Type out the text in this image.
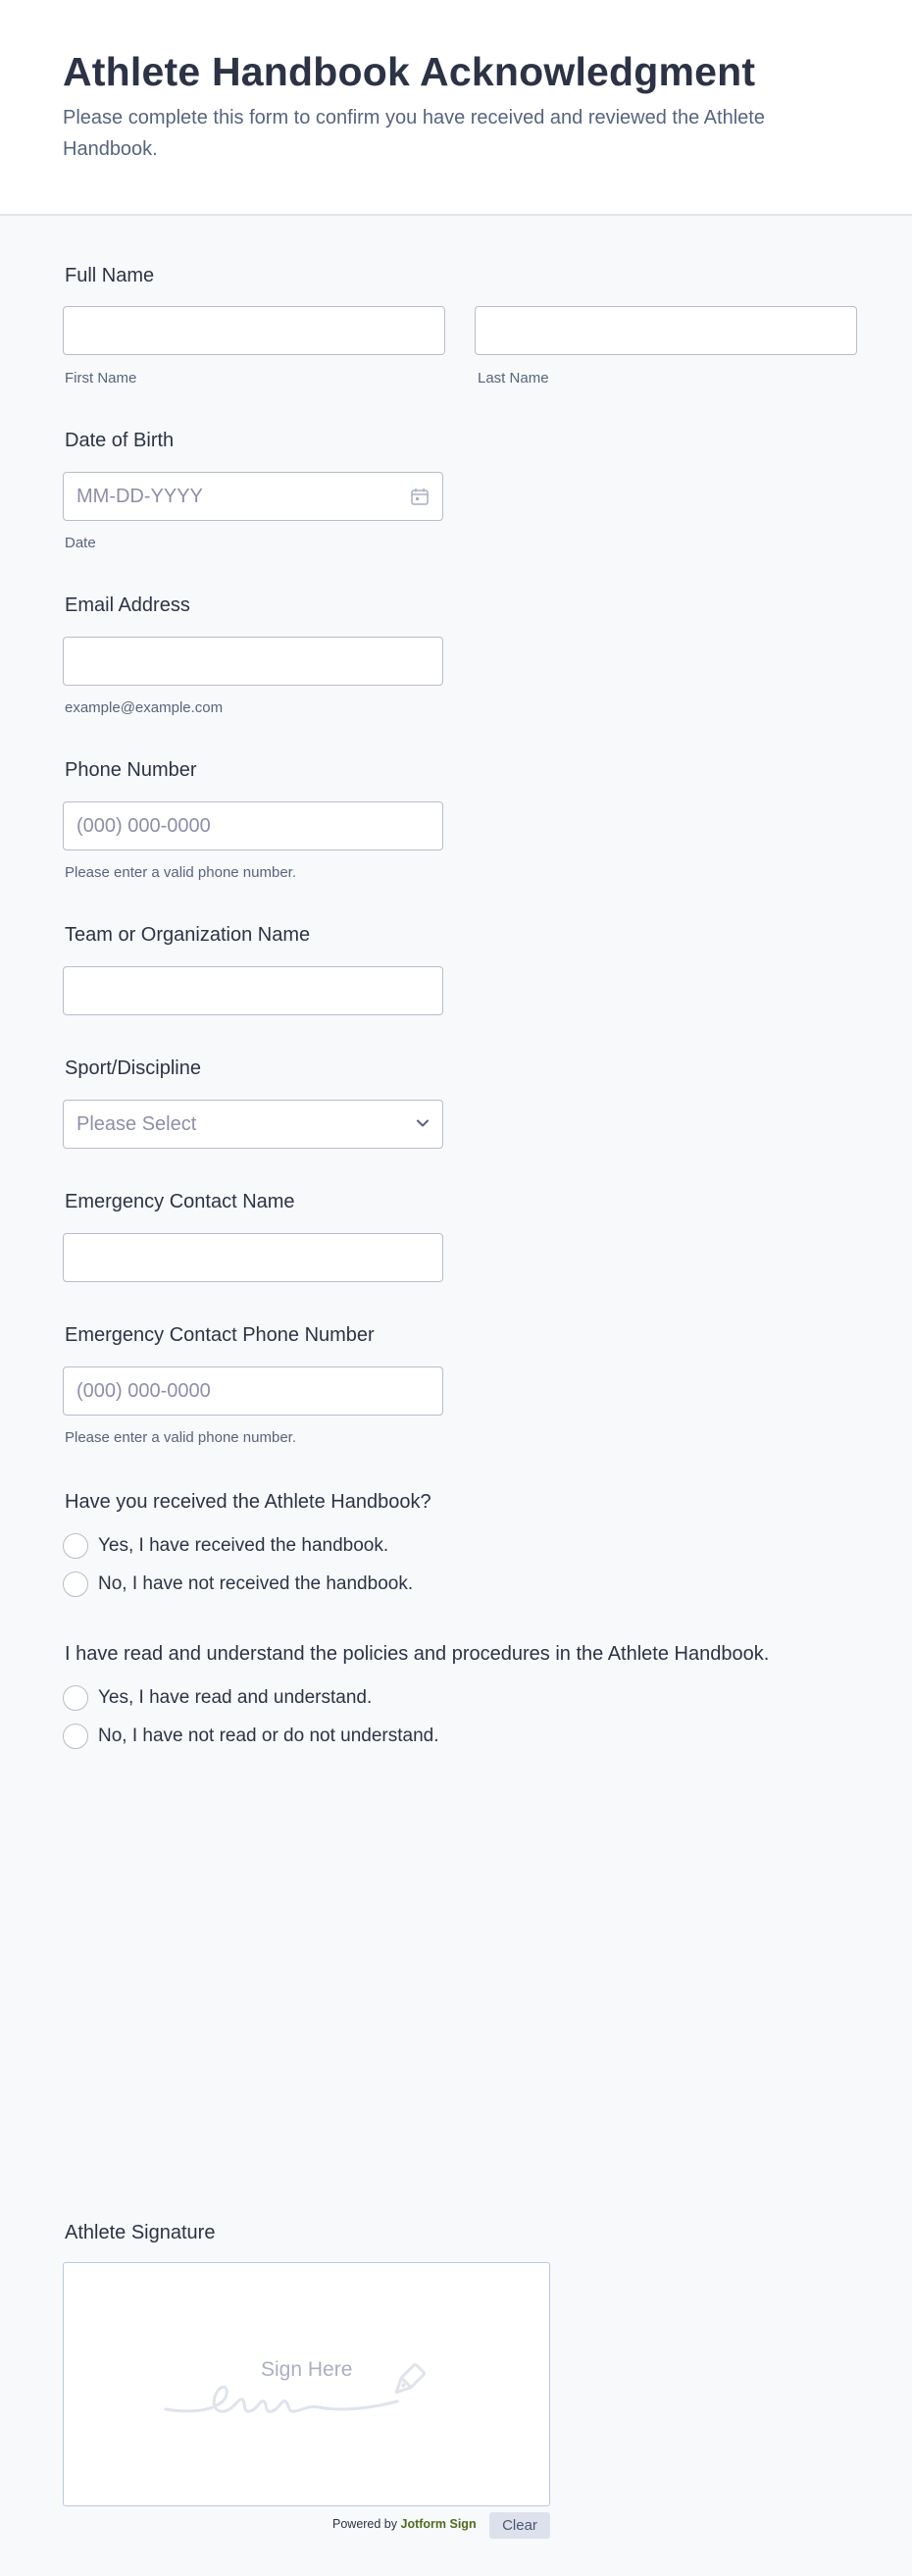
Athlete Handbook Acknowledgment

Please complete this form to confirm you have received and reviewed the Athlete Handbook.

Full Name
First Name	Last Name
Date of Birth
MM-DD-YYYY
Date
Email Address
example@example.com
Phone Number
(000) 000-0000
Please enter a valid phone number.
Team or Organization Name
Sport/Discipline
Please Select
Emergency Contact Name
Emergency Contact Phone Number
(000) 000-0000
Please enter a valid phone number.
Have you received the Athlete Handbook?
Yes, I have received the handbook.
No, I have not received the handbook.
I have read and understand the policies and procedures in the Athlete Handbook.
Yes, I have read and understand.
No, I have not read or do not understand.
Athlete Signature
Sign Here
Powered by Jotform Sign	Clear
